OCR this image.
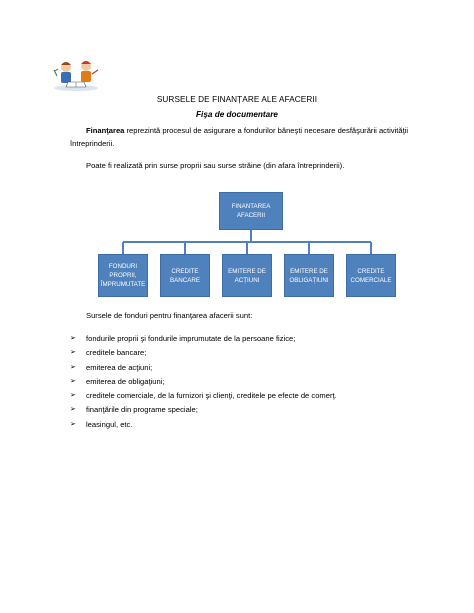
SURSELE DE FINANȚARE ALE AFACERII
Fişa de documentare
Finanţarea reprezintă procesul de asigurare a fondurilor băneşti necesare desfăşurării activităţii întreprinderii.
Poate fi realizată prin surse proprii sau surse străine (din afara întreprinderii).
FINANTAREA AFACERII
FONDURI PROPRII, ÎMPRUMUTATE
CREDITE BANCARE
EMITERE DE ACȚIUNI
EMITERE DE OBLIGAȚIUNI
CREDITE COMERCIALE
Sursele de fonduri pentru finanţarea afacerii sunt:
➢ fondurile proprii şi fondurile imprumutate de la persoane fizice;
➢ creditele bancare;
➢ emiterea de acţiuni;
➢ emiterea de obligaţiuni;
➢ creditele comerciale, de la furnizori şi clienţi, creditele pe efecte de comerţ.
➢ finanţările din programe speciale;
➢ leasingul, etc.
